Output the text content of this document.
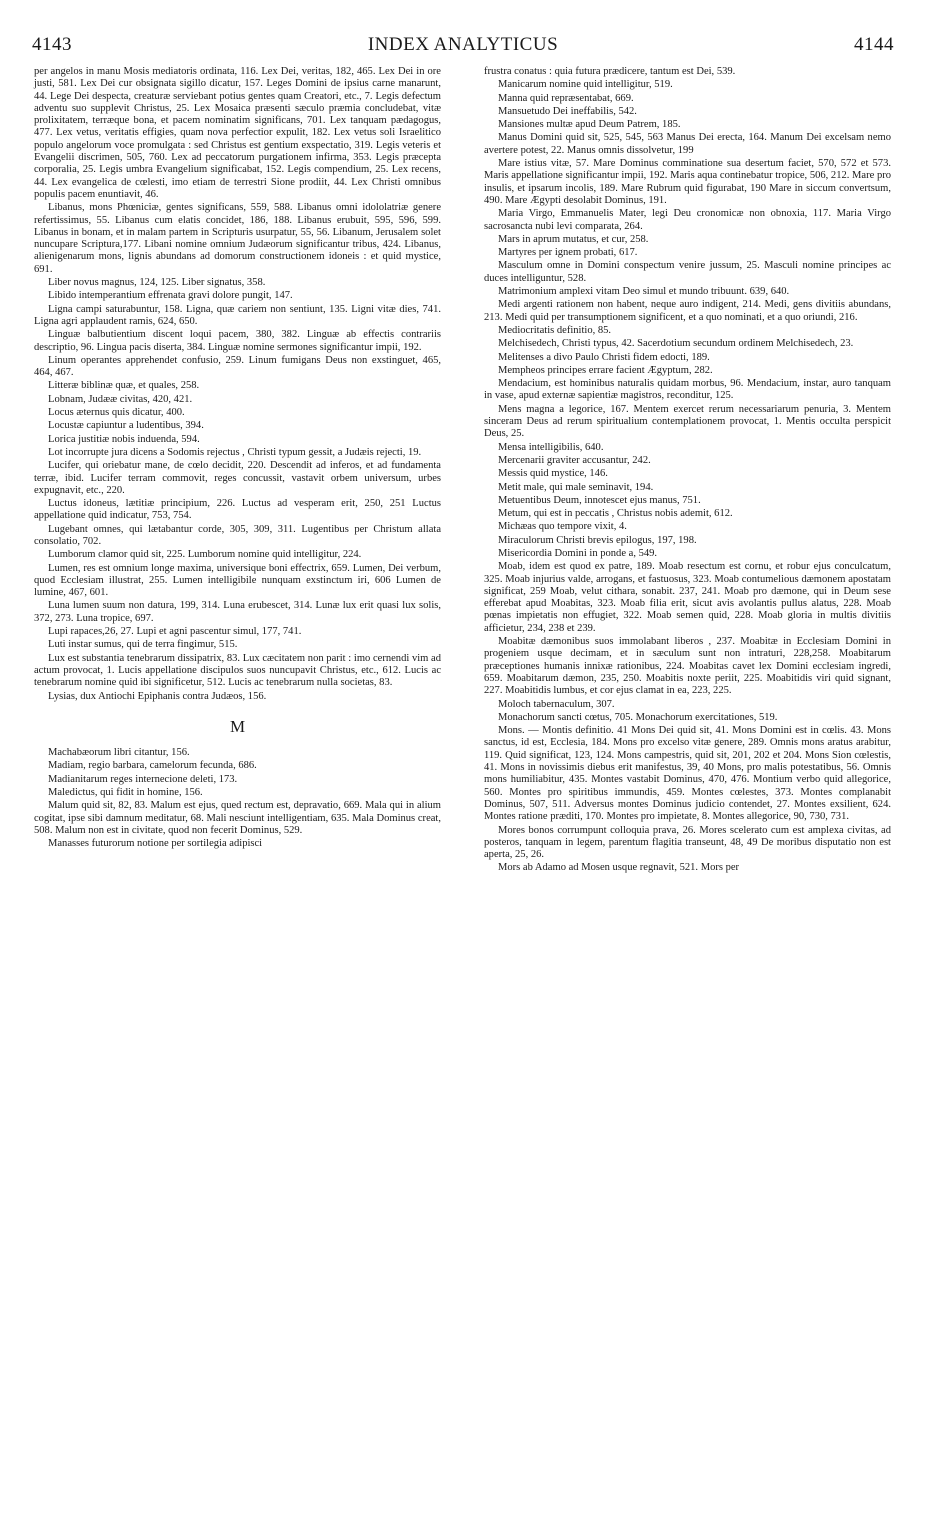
4143	INDEX ANALYTICUS	4144

per angelos in manu Mosis mediatoris ordinata, 116. Lex Dei, veritas, 182, 465. Lex Dei in ore justi, 581. Lex Dei cur obsignata sigillo dicatur, 157. Leges Domini de ipsius carne manarunt, 44. Lege Dei despecta, creaturæ serviebant potius gentes quam Creatori, etc., 7. Legis defectum adventu suo supplevit Christus, 25. Lex Mosaica præsenti sæculo præmia concludebat, vitæ prolixitatem, terræque bona, et pacem nominatim significans, 701. Lex tanquam pædagogus, 477. Lex vetus, veritatis effigies, quam nova perfectior expulit, 182. Lex vetus soli Israelitico populo angelorum voce promulgata : sed Christus est gentium exspectatio, 319. Legis veteris et Evangelii discrimen, 505, 760. Lex ad peccatorum purgationem infirma, 353. Legis præcepta corporalia, 25. Legis umbra Evangelium significabat, 152. Legis compendium, 25. Lex recens, 44. Lex evangelica de cœlesti, imo etiam de terrestri Sione prodiit, 44. Lex Christi omnibus populis pacem enuntiavit, 46.

Libanus, mons Phœniciæ, gentes significans, 559, 588. Libanus omni idololatriæ genere refertissimus, 55. Libanus cum elatis concidet, 186, 188. Libanus erubuit, 595, 596, 599. Libanus in bonam, et in malam partem in Scripturis usurpatur, 55, 56. Libanum, Jerusalem solet nuncupare Scriptura,177. Libani nomine omnium Judæorum significantur tribus, 424. Libanus, alienigenarum mons, lignis abundans ad domorum constructionem idoneis : et quid mystice, 691.

Liber novus magnus, 124, 125. Liber signatus, 358.

Libido intemperantium effrenata gravi dolore pungit, 147.

Ligna campi saturabuntur, 158. Ligna, quæ cariem non sentiunt, 135. Ligni vitæ dies, 741. Ligna agri applaudent ramis, 624, 650.

Linguæ balbutientium discent loqui pacem, 380, 382. Linguæ ab effectis contrariis descriptio, 96. Lingua pacis diserta, 384. Linguæ nomine sermones significantur impii, 192.

Linum operantes apprehendet confusio, 259. Linum fumigans Deus non exstinguet, 465, 464, 467.

Litteræ biblinæ quæ, et quales, 258.

Lobnam, Judææ civitas, 420, 421.

Locus æternus quis dicatur, 400.

Locustæ capiuntur a ludentibus, 394.

Lorica justitiæ nobis induenda, 594.

Lot incorrupte jura dicens a Sodomis rejectus , Christi typum gessit, a Judæis rejecti, 19.

Lucifer, qui oriebatur mane, de cœlo decidit, 220. Descendit ad inferos, et ad fundamenta terræ, ibid. Lucifer terram commovit, reges concussit, vastavit orbem universum, urbes expugnavit, etc., 220.

Luctus idoneus, lætitiæ principium, 226. Luctus ad vesperam erit, 250, 251 Luctus appellatione quid indicatur, 753, 754.

Lugebant omnes, qui lætabantur corde, 305, 309, 311. Lugentibus per Christum allata consolatio, 702.

Lumborum clamor quid sit, 225. Lumborum nomine quid intelligitur, 224.

Lumen, res est omnium longe maxima, universique boni effectrix, 659. Lumen, Dei verbum, quod Ecclesiam illustrat, 255. Lumen intelligibile nunquam exstinctum iri, 606 Lumen de lumine, 467, 601.

Luna lumen suum non datura, 199, 314. Luna erubescet, 314. Lunæ lux erit quasi lux solis, 372, 273. Luna tropice, 697.

Lupi rapaces,26, 27. Lupi et agni pascentur simul, 177, 741.

Luti instar sumus, qui de terra fingimur, 515.

Lux est substantia tenebrarum dissipatrix, 83. Lux cæcitatem non parit : imo cernendi vim ad actum provocat, 1. Lucis appellatione discipulos suos nuncupavit Christus, etc., 612. Lucis ac tenebrarum nomine quid ibi significetur, 512. Lucis ac tenebrarum nulla societas, 83.

Lysias, dux Antiochi Epiphanis contra Judæos, 156.

M

Machabæorum libri citantur, 156.

Madiam, regio barbara, camelorum fecunda, 686.

Madianitarum reges internecione deleti, 173.

Maledictus, qui fidit in homine, 156.

Malum quid sit, 82, 83. Malum est ejus, qued rectum est, depravatio, 669. Mala qui in alium cogitat, ipse sibi damnum meditatur, 68. Mali nesciunt intelligentiam, 635. Mala Dominus creat, 508. Malum non est in civitate, quod non fecerit Dominus, 529.

Manasses futurorum notione per sortilegia adipisci

frustra conatus : quia futura prædicere, tantum est Dei, 539.

Manicarum nomine quid intelligitur, 519.

Manna quid repræsentabat, 669.

Mansuetudo Dei ineffabilis, 542.

Mansiones multæ apud Deum Patrem, 185.

Manus Domini quid sit, 525, 545, 563 Manus Dei erecta, 164. Manum Dei excelsam nemo avertere potest, 22. Manus omnis dissolvetur, 199

Mare istius vitæ, 57. Mare Dominus comminatione sua desertum faciet, 570, 572 et 573. Maris appellatione significantur impii, 192. Maris aqua continebatur tropice, 506, 212. Mare pro insulis, et ipsarum incolis, 189. Mare Rubrum quid figurabat, 190 Mare in siccum convertsum, 490. Mare Ægypti desolabit Dominus, 191.

Maria Virgo, Emmanuelis Mater, legi Deu cronomicæ non obnoxia, 117. Maria Virgo sacrosancta nubi levi comparata, 264.

Mars in aprum mutatus, et cur, 258.

Martyres per ignem probati, 617.

Masculum omne in Domini conspectum venire jussum, 25. Masculi nomine principes ac duces intelliguntur, 528.

Matrimonium amplexi vitam Deo simul et mundo tribuunt. 639, 640.

Medi argenti rationem non habent, neque auro indigent, 214. Medi, gens divitiis abundans, 213. Medi quid per transumptionem significent, et a quo nominati, et a quo oriundi, 216.

Mediocritatis definitio, 85.

Melchisedech, Christi typus, 42. Sacerdotium secundum ordinem Melchisedech, 23.

Melitenses a divo Paulo Christi fidem edocti, 189.

Mempheos principes errare facient Ægyptum, 282.

Mendacium, est hominibus naturalis quidam morbus, 96. Mendacium, instar, auro tanquam in vase, apud externæ sapientiæ magistros, reconditur, 125.

Mens magna a legorice, 167. Mentem exercet rerum necessariarum penuria, 3. Mentem sinceram Deus ad rerum spiritualium contemplationem provocat, 1. Mentis occulta perspicit Deus, 25.

Mensa intelligibilis, 640.

Mercenarii graviter accusantur, 242.

Messis quid mystice, 146.

Metit male, qui male seminavit, 194.

Metuentibus Deum, innotescet ejus manus, 751.

Metum, qui est in peccatis , Christus nobis ademit, 612.

Michæas quo tempore vixit, 4.

Miraculorum Christi brevis epilogus, 197, 198.

Misericordia Domini in ponde a, 549.

Moab, idem est quod ex patre, 189. Moab resectum est cornu, et robur ejus conculcatum, 325. Moab injurius valde, arrogans, et fastuosus, 323. Moab contumelious dæmonem apostatam significat, 259 Moab, velut cithara, sonabit. 237, 241. Moab pro dæmone, qui in Deum sese efferebat apud Moabitas, 323. Moab filia erit, sicut avis avolantis pullus alatus, 228. Moab pœnas impietatis non effugiet, 322. Moab semen quid, 228. Moab gloria in multis divitiis afficietur, 234, 238 et 239.

Moabitæ dæmonibus suos immolabant liberos , 237. Moabitæ in Ecclesiam Domini in progeniem usque decimam, et in sæculum sunt non intraturi, 228,258. Moabitarum præceptiones humanis innixæ rationibus, 224. Moabitas cavet lex Domini ecclesiam ingredi, 659. Moabitarum dæmon, 235, 250. Moabitis noxte periit, 225. Moabitidis viri quid signant, 227. Moabitidis lumbus, et cor ejus clamat in ea, 223, 225.

Moloch tabernaculum, 307.

Monachorum sancti cœtus, 705. Monachorum exercitationes, 519.

Mons. — Montis definitio. 41 Mons Dei quid sit, 41. Mons Domini est in cœlis. 43. Mons sanctus, id est, Ecclesia, 184. Mons pro excelso vitæ genere, 289. Omnis mons aratus arabitur, 119. Quid significat, 123, 124. Mons campestris, quid sit, 201, 202 et 204. Mons Sion cœlestis, 41. Mons in novissimis diebus erit manifestus, 39, 40 Mons, pro malis potestatibus, 56. Omnis mons humiliabitur, 435. Montes vastabit Dominus, 470, 476. Montium verbo quid allegorice, 560. Montes pro spiritibus immundis, 459. Montes cœlestes, 373. Montes complanabit Dominus, 507, 511. Adversus montes Dominus judicio contendet, 27. Montes exsilient, 624. Montes ratione præditi, 170. Montes pro impietate, 8. Montes allegorice, 90, 730, 731.

Mores bonos corrumpunt colloquia prava, 26. Mores scelerato cum est amplexa civitas, ad posteros, tanquam in legem, parentum flagitia transeunt, 48, 49 De moribus disputatio non est aperta, 25, 26.

Mors ab Adamo ad Mosen usque regnavit, 521. Mors per
